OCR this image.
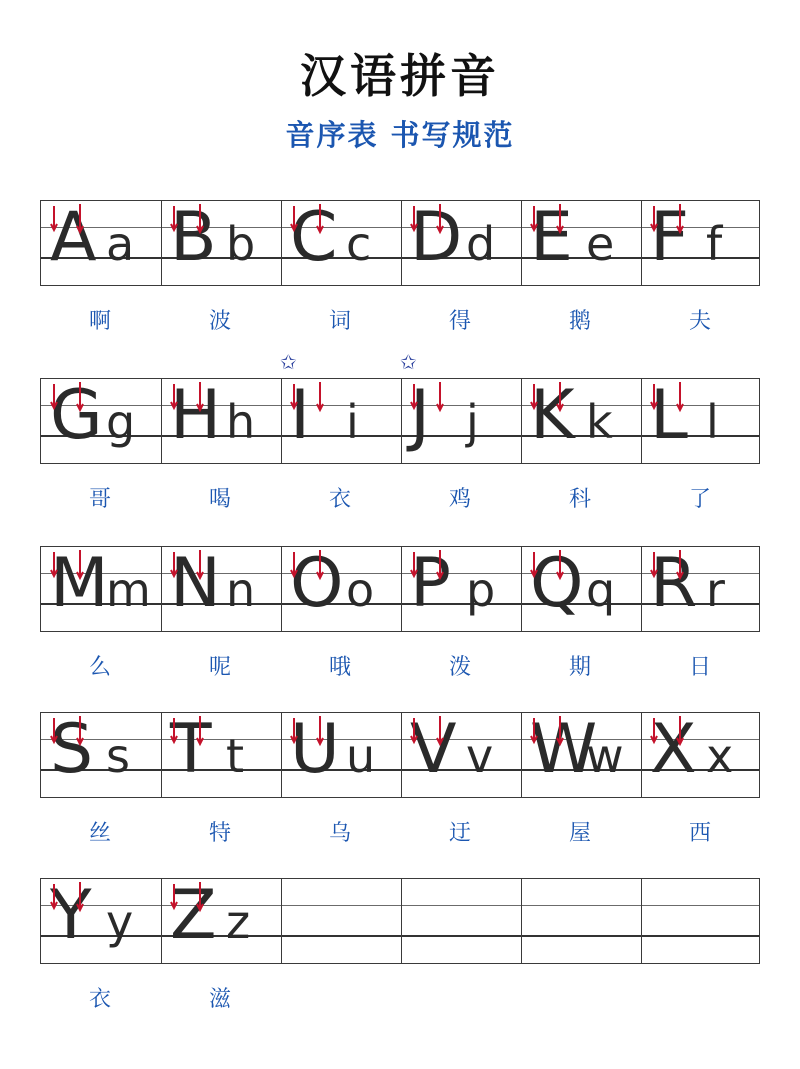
汉语拼音
音序表 书写规范
A a
啊
B b
波
C c
词
D d
得
E e
鹅
F f
夫
G g
哥
H h
喝
I i
✩
衣
J j
✩
鸡
K k
科
L l
了
M
m
么
N n
呢
O o
哦
P p
泼
Q q
期
R r
日
S s
丝
T t
特
U u
乌
V v
迂
W
w
屋
X x
西
Y y
衣
Z z
滋
